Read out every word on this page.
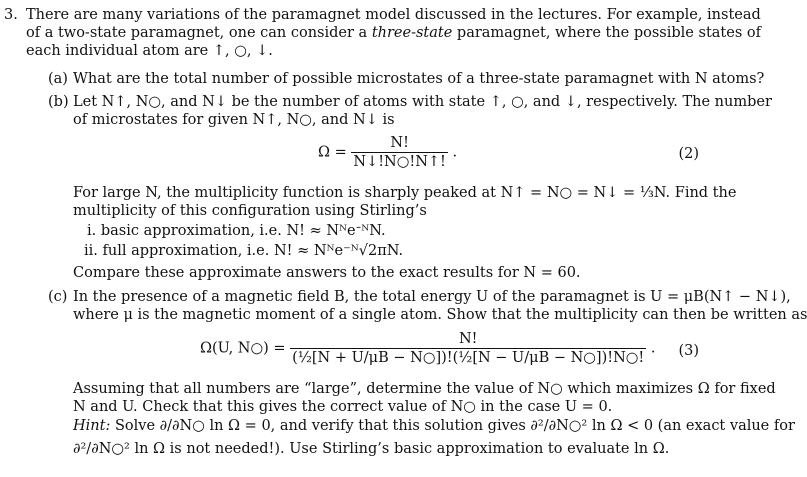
3. There are many variations of the paramagnet model discussed in the lectures. For example, instead
of a two-state paramagnet, one can consider a three-state paramagnet, where the possible states of
each individual atom are ↑, ○, ↓.
(a) What are the total number of possible microstates of a three-state paramagnet with N atoms?
(b) Let N↑, N○, and N↓ be the number of atoms with state ↑, ○, and ↓, respectively. The number
of microstates for given N↑, N○, and N↓ is
$\Omega = \frac{N!}{N↓!N○!N↑!}$ .	(2)
For large N, the multiplicity function is sharply peaked at N↑ = N○ = N↓ = ⅓N. Find the
multiplicity of this configuration using Stirling’s
i. basic approximation, i.e. N! ≈ NᴺeᐨᴺN.
ii. full approximation, i.e. N! ≈ Nᴺe⁻ᴺ√2πN.
Compare these approximate answers to the exact results for N = 60.
(c) In the presence of a magnetic field B, the total energy U of the paramagnet is U = μB(N↑ − N↓),
where μ is the magnetic moment of a single atom. Show that the multiplicity can then be written as
Ω(U, N○) = $\frac{N!}{\text{(½[N + U/μB − N○])!(½[N − U/μB − N○])!N○!}}$ . (3)
Assuming that all numbers are “large”, determine the value of N○ which maximizes Ω for fixed
N and U. Check that this gives the correct value of N○ in the case U = 0.
Hint: Solve ∂/∂N○ ln Ω = 0, and verify that this solution gives ∂²/∂N○² ln Ω < 0 (an exact value for
∂²/∂N○² ln Ω is not needed!). Use Stirling’s basic approximation to evaluate ln Ω.
